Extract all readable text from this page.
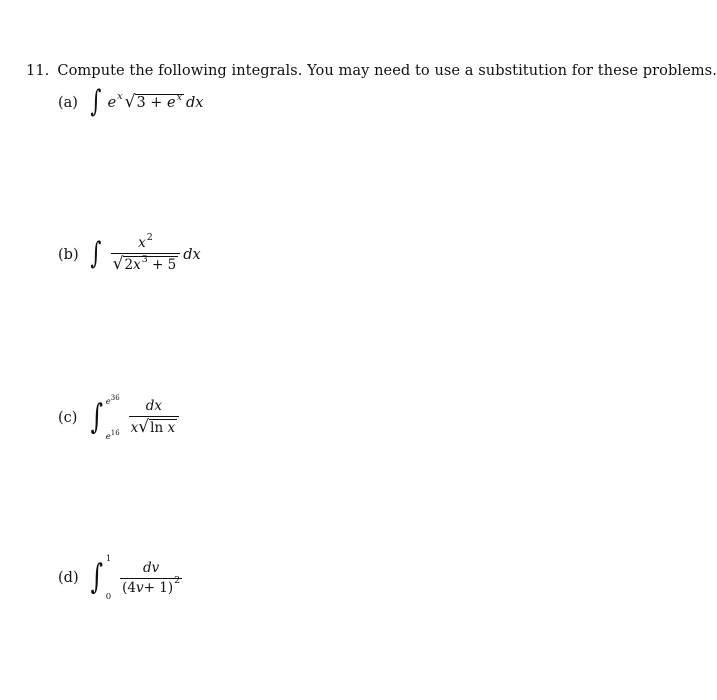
11. Compute the following integrals. You may need to use a substitution for these problems.
(a) ∫ e x √ $3 + e^x$ dx
(b) ∫ $\frac{x^2}{√ 2x^3 + 5}$ dx
(c) ∫ $e^{36}$
$e^{16} \frac{dx}{\text{x √ ln x}}$
(d) ∫ 1
0
$\frac{dv}{(4 v + 1) 2}$
